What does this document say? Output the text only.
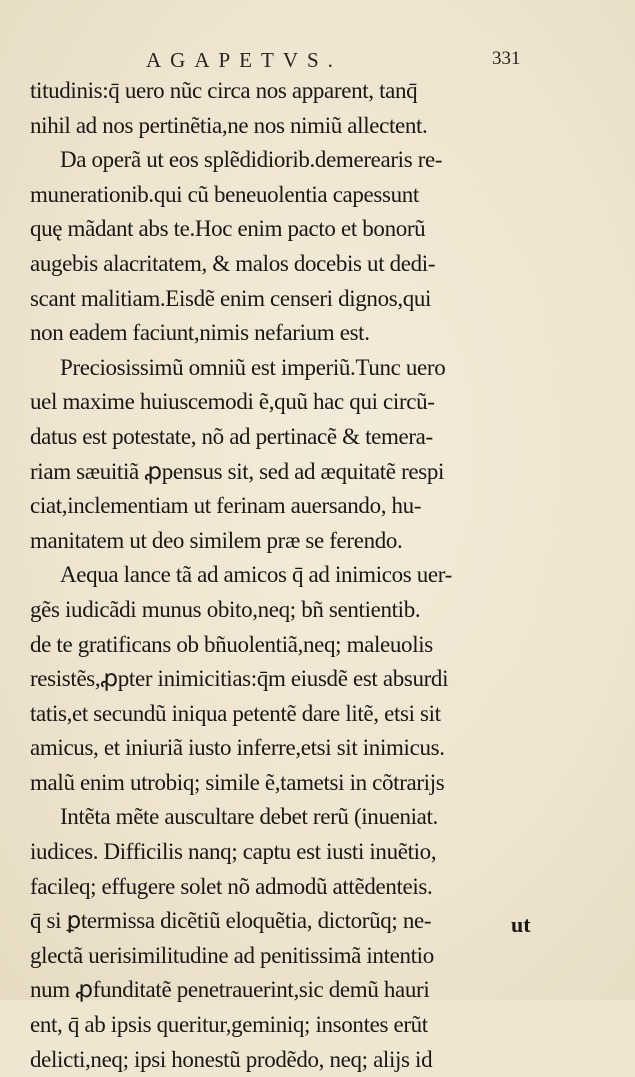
AGAPETVS.	331
titudinis:q̄ uero nũc circa nos apparent, tanq̄
nihil ad nos pertinẽtia,ne nos nimiũ allectent.
Da operã ut eos splẽdidiorib.demerearis re-
munerationib.qui cũ beneuolentia capessunt
quę mãdant abs te.Hoc enim pacto et bonorũ
augebis alacritatem, & malos docebis ut dedi-
scant malitiam.Eisdẽ enim censeri dignos,qui
non eadem faciunt,nimis nefarium est.
Preciosissimũ omniũ est imperiũ.Tunc uero
uel maxime huiuscemodi ẽ,quũ hac qui circũ-
datus est potestate, nõ ad pertinacẽ & temera-
riam sæuitiã ꝓpensus sit, sed ad æquitatẽ respi
ciat,inclementiam ut ferinam auersando, hu-
manitatem ut deo similem præ se ferendo.
Aequa lance tã ad amicos q̄ ad inimicos uer-
gẽs iudicãdi munus obito,neq; bñ sentientib.
de te gratificans ob bñuolentiã,neq; maleuolis
resistẽs,ꝓpter inimicitias:q̄m eiusdẽ est absurdi
tatis,et secundũ iniqua petentẽ dare litẽ, etsi sit
amicus, et iniuriã iusto inferre,etsi sit inimicus.
malũ enim utrobiq; simile ẽ,tametsi in cõtrarijs
Intẽta mẽte auscultare debet rerũ (inueniat.
iudices. Difficilis nanq; captu est iusti inuẽtio,
facileq; effugere solet nõ admodũ attẽdenteis.
q̄ si ꝑtermissa dicẽtiũ eloquẽtia, dictorũq; ne-
glectã uerisimilitudine ad penitissimã intentio
num ꝓfunditatẽ penetrauerint,sic demũ hauri
ent, q̄ ab ipsis queritur,geminiq; insontes erũt
delicti,neq; ipsi honestũ prodẽdo, neq; alijs id
ut
